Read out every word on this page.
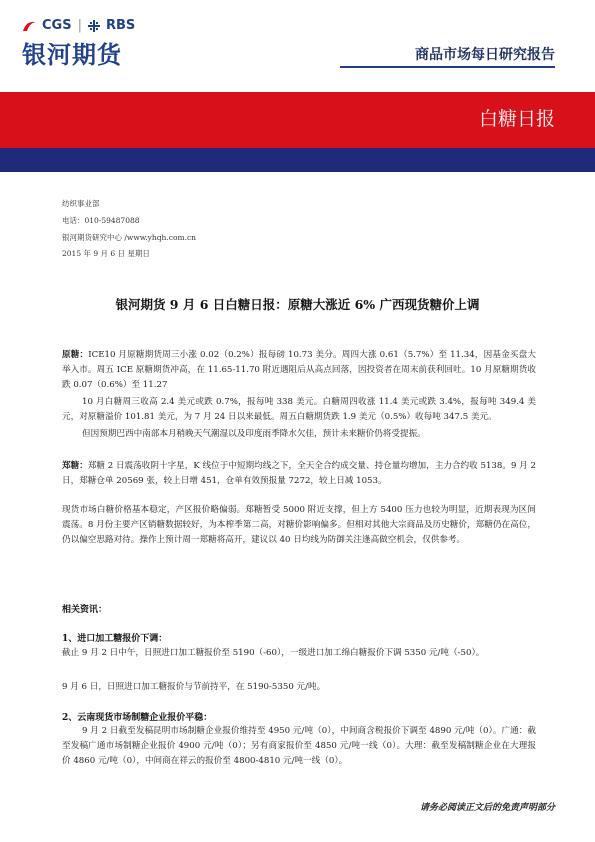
CGS | RBS
银河期货	商品市场每日研究报告
白糖日报
纺织事业部
电话：010-59487088
银河期货研究中心 /www.yhqh.com.cn
2015 年 9 月 6 日 星期日
银河期货 9 月 6 日白糖日报：原糖大涨近 6% 广西现货糖价上调
原糖：ICE10 月原糖期货周三小涨 0.02（0.2%）报每磅 10.73 美分。周四大涨 0.61（5.7%）至 11.34，因基金买盘大举入市。周五 ICE 原糖期货冲高，在 11.65-11.70 附近遇阻后从高点回落，因投资者在周末前获利回吐。10 月原糖期货收跌 0.07（0.6%）至 11.27
10 月白糖周三收高 2.4 美元或跌 0.7%，报每吨 338 美元。白糖周四收涨 11.4 美元或跌 3.4%，报每吨 349.4 美元，对原糖溢价 101.81 美元，为 7 月 24 日以来最低。周五白糖期货跌 1.9 美元（0.5%）收每吨 347.5 美元。
但因预期巴西中南部本月稍晚天气潮湿以及印度雨季降水欠佳，预计未来糖价仍将受提振。
郑糖：郑糖 2 日震荡收阴十字星，K 线位于中短期均线之下，全天全合约成交量、持仓量均增加，主力合约收 5138。9 月 2 日，郑糖仓单 20569 张，较上日增 451，仓单有效预报量 7272，较上日减 1053。
现货市场白糖价格基本稳定，产区报价略偏弱。郑糖暂受 5000 附近支撑，但上方 5400 压力也较为明显，近期表现为区间震荡。8 月份主要产区销糖数据较好，为本榨季第二高，对糖价影响偏多。但相对其他大宗商品及历史糖价，郑糖仍在高位，仍以偏空思路对待。操作上预计周一郑糖将高开，建议以 40 日均线为防御关注逢高做空机会，仅供参考。
相关资讯：
1、进口加工糖报价下调：
截止 9 月 2 日中午，日照进口加工糖报价至 5190（-60），一级进口加工绵白糖报价下调 5350 元/吨（-50）。
9 月 6 日，日照进口加工糖报价与节前持平，在 5190-5350 元/吨。
2、云南现货市场制糖企业报价平稳：
9 月 2 日截至发稿昆明市场制糖企业报价维持至 4950 元/吨（0），中间商含税报价下调至 4890 元/吨（0）。广通：截至发稿广通市场制糖企业报价 4900 元/吨（0）；另有商家报价至 4850 元/吨一线（0）。大理：截至发稿制糖企业在大理报价 4860 元/吨（0），中间商在祥云的报价至 4800-4810 元/吨一线（0）。
请务必阅读正文后的免责声明部分
